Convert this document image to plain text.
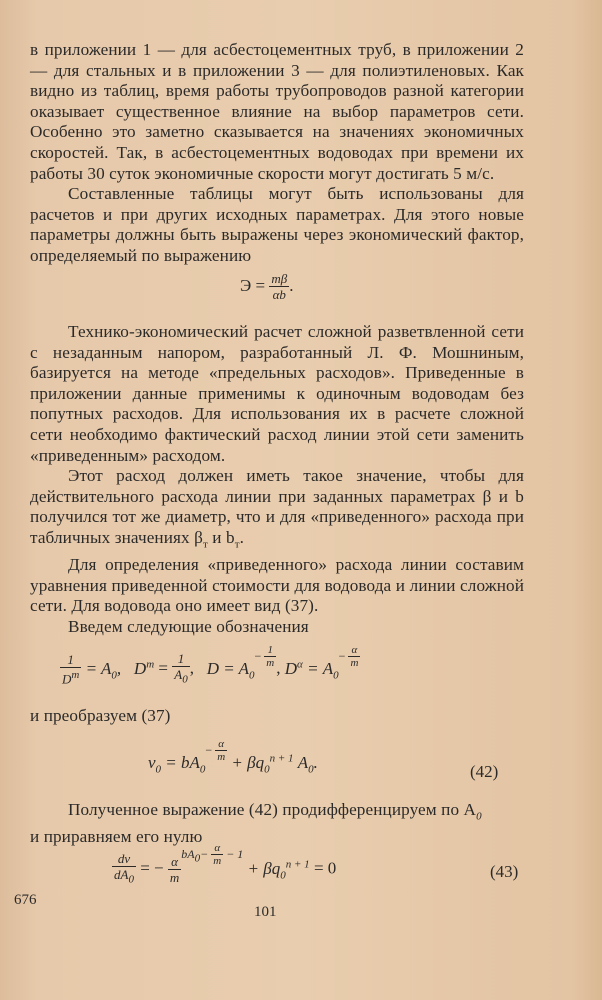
в приложении 1 — для асбестоцементных труб, в приложении 2 — для стальных и в приложении 3 — для полиэтиленовых. Как видно из таблиц, время работы трубопроводов разной категории оказывает существенное влияние на выбор параметров сети. Особенно это заметно сказывается на значениях экономичных скоростей. Так, в асбестоцементных водоводах при времени их работы 30 суток экономичные скорости могут достигать 5 м/с.

Составленные таблицы могут быть использованы для расчетов и при других исходных параметрах. Для этого новые параметры должны быть выражены через экономический фактор, определяемый по выражению

$Э = \frac{m\beta}{\alpha b}$ .

Технико-экономический расчет сложной разветвленной сети с незаданным напором, разработанный Л. Ф. Мошниным, базируется на методе «предельных расходов». Приведенные в приложении данные применимы к одиночным водоводам без попутных расходов. Для использования их в расчете сложной сети необходимо фактический расход линии этой сети заменить «приведенным» расходом.

Этот расход должен иметь такое значение, чтобы для действительного расхода линии при заданных параметрах β и b получился тот же диаметр, что и для «приведенного» расхода при табличных значениях $\beta_т$ и $b_т$.

Для определения «приведенного» расхода линии составим уравнения приведенной стоимости для водовода и линии сложной сети. Для водовода оно имеет вид (37).

Введем следующие обозначения

$\frac{1}{D^m} = A_0$, $D^m = \frac{1}{A_0}$ ,   $D = A_0^{- \frac{1}{m}}$ , $D^\alpha = A_0^{- \frac{\alpha}{m}}$

и преобразуем (37)

$v_0 = bA_0^{- \frac{\alpha}{m}} + \beta q_0^{n + 1}$ $A_0$.	(42)

Полученное выражение (42) продифференцируем по $A_0$

и приравняем его нулю

$\frac{dv}{dA_0}$ = − $\frac{\alpha}{m}$
$^{bA_0- \frac{\alpha}{m} - 1} + \beta q_0^{n + 1} = 0$	(43)
676
101
